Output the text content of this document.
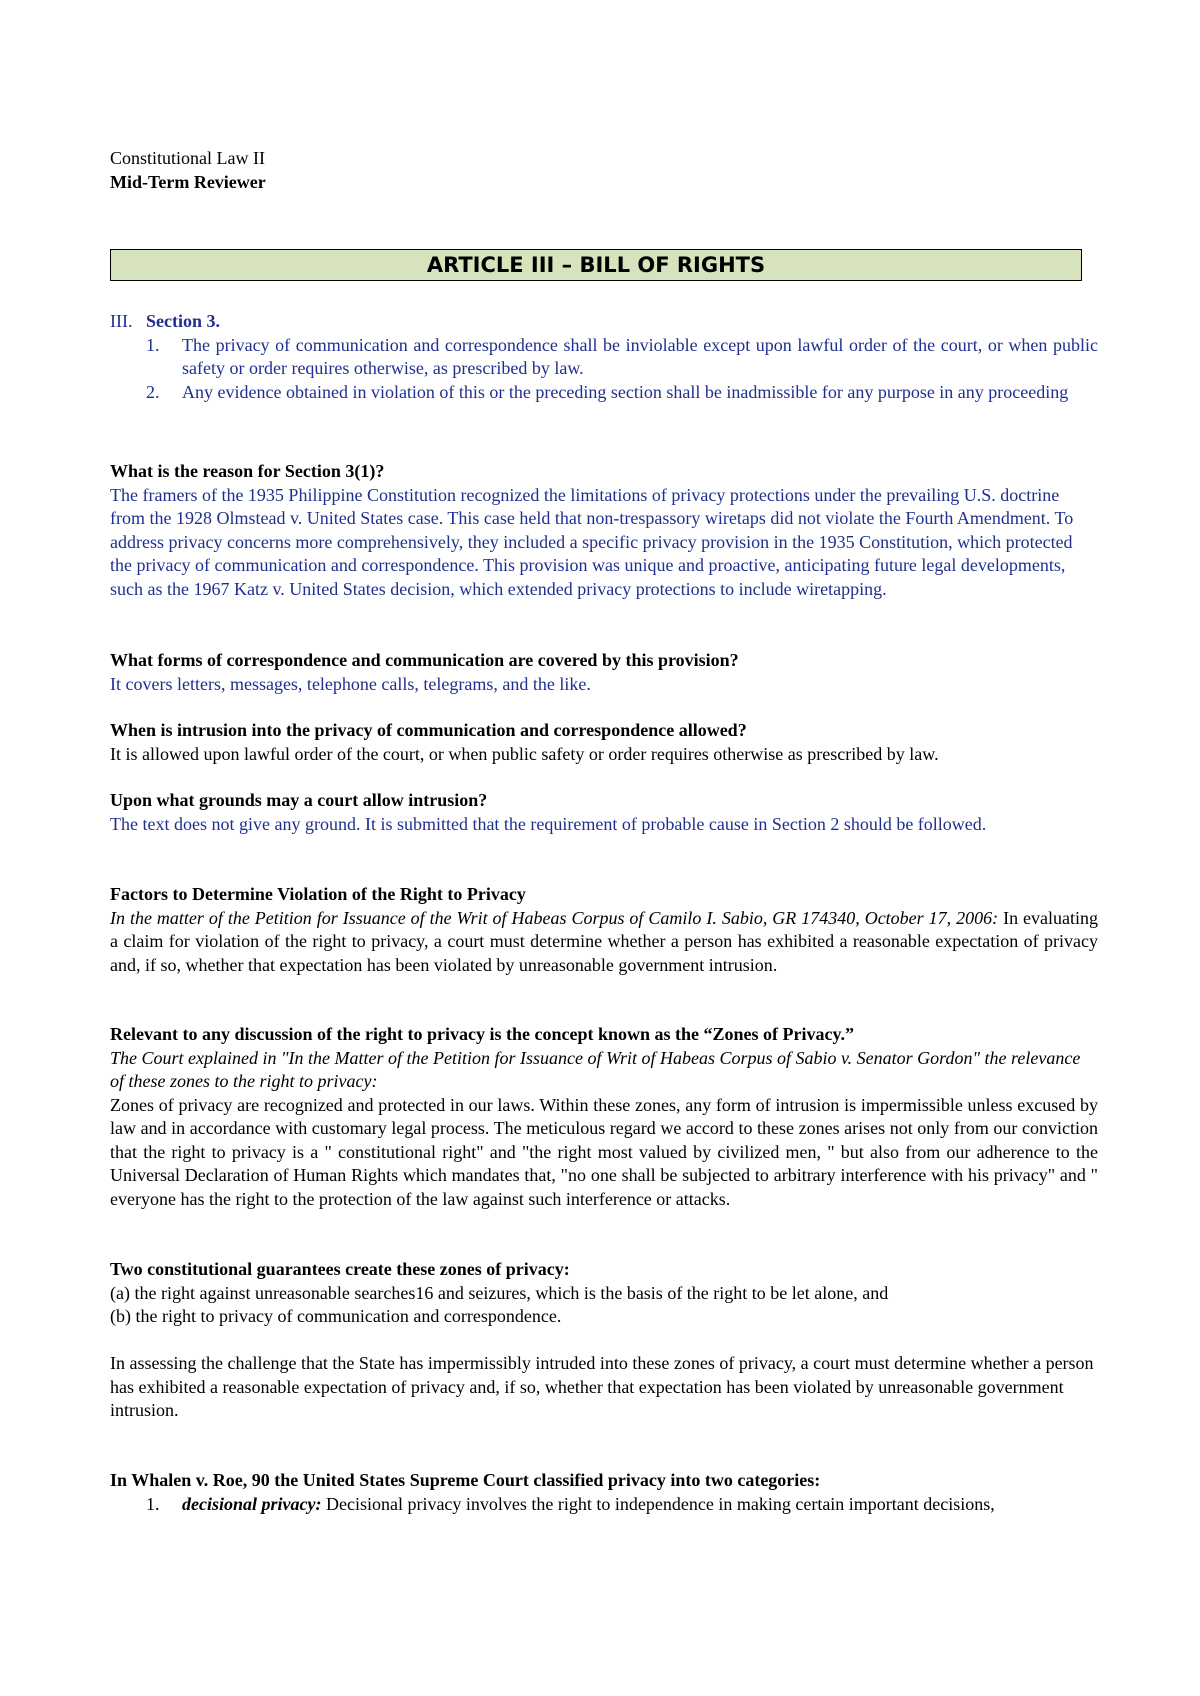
Constitutional Law II

Mid-Term Reviewer

ARTICLE III – BILL OF RIGHTS

III. Section 3.

1. The privacy of communication and correspondence shall be inviolable except upon lawful order of the court, or when public safety or order requires otherwise, as prescribed by law.
2. Any evidence obtained in violation of this or the preceding section shall be inadmissible for any purpose in any proceeding

What is the reason for Section 3(1)?

The framers of the 1935 Philippine Constitution recognized the limitations of privacy protections under the prevailing U.S. doctrine from the 1928 Olmstead v. United States case. This case held that non-trespassory wiretaps did not violate the Fourth Amendment. To address privacy concerns more comprehensively, they included a specific privacy provision in the 1935 Constitution, which protected the privacy of communication and correspondence. This provision was unique and proactive, anticipating future legal developments, such as the 1967 Katz v. United States decision, which extended privacy protections to include wiretapping.

What forms of correspondence and communication are covered by this provision?

It covers letters, messages, telephone calls, telegrams, and the like.

When is intrusion into the privacy of communication and correspondence allowed?

It is allowed upon lawful order of the court, or when public safety or order requires otherwise as prescribed by law.

Upon what grounds may a court allow intrusion?

The text does not give any ground. It is submitted that the requirement of probable cause in Section 2 should be followed.

Factors to Determine Violation of the Right to Privacy

In the matter of the Petition for Issuance of the Writ of Habeas Corpus of Camilo I. Sabio, GR 174340, October 17, 2006: In evaluating a claim for violation of the right to privacy, a court must determine whether a person has exhibited a reasonable expectation of privacy and, if so, whether that expectation has been violated by unreasonable government intrusion.

Relevant to any discussion of the right to privacy is the concept known as the “Zones of Privacy.”

The Court explained in "In the Matter of the Petition for Issuance of Writ of Habeas Corpus of Sabio v. Senator Gordon" the relevance of these zones to the right to privacy:

Zones of privacy are recognized and protected in our laws. Within these zones, any form of intrusion is impermissible unless excused by law and in accordance with customary legal process. The meticulous regard we accord to these zones arises not only from our conviction that the right to privacy is a " constitutional right" and "the right most valued by civilized men, " but also from our adherence to the Universal Declaration of Human Rights which mandates that, "no one shall be subjected to arbitrary interference with his privacy" and " everyone has the right to the protection of the law against such interference or attacks.

Two constitutional guarantees create these zones of privacy:

(a) the right against unreasonable searches16 and seizures, which is the basis of the right to be let alone, and

(b) the right to privacy of communication and correspondence.

In assessing the challenge that the State has impermissibly intruded into these zones of privacy, a court must determine whether a person has exhibited a reasonable expectation of privacy and, if so, whether that expectation has been violated by unreasonable government intrusion.

In Whalen v. Roe, 90 the United States Supreme Court classified privacy into two categories:

1. decisional privacy: Decisional privacy involves the right to independence in making certain important decisions,
